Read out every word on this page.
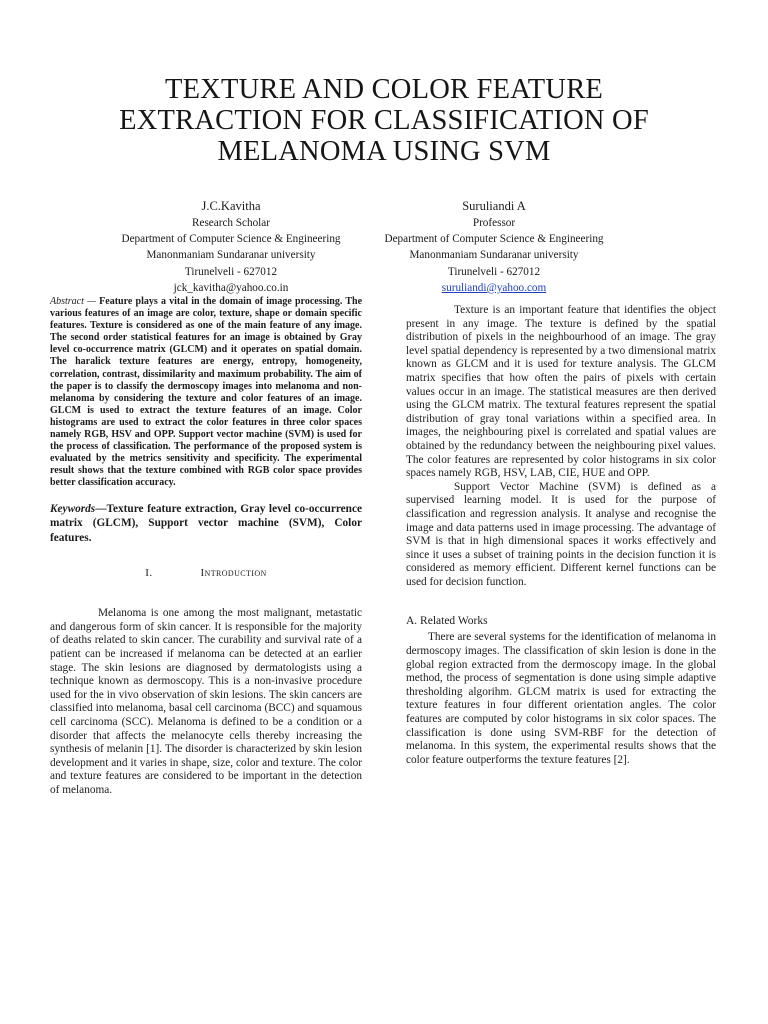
TEXTURE AND COLOR FEATURE
EXTRACTION FOR CLASSIFICATION OF
MELANOMA USING SVM
J.C.Kavitha
Research Scholar
Department of Computer Science & Engineering
Manonmaniam Sundaranar university
Tirunelveli - 627012
jck_kavitha@yahoo.co.in
Suruliandi A
Professor
Department of Computer Science & Engineering
Manonmaniam Sundaranar university
Tirunelveli - 627012
suruliandi@yahoo.com

Abstract — Feature plays a vital in the domain of image processing. The various features of an image are color, texture, shape or domain specific features. Texture is considered as one of the main feature of any image. The second order statistical features for an image is obtained by Gray level co-occurrence matrix (GLCM) and it operates on spatial domain. The haralick texture features are energy, entropy, homogeneity, correlation, contrast, dissimilarity and maximum probability. The aim of the paper is to classify the dermoscopy images into melanoma and non-melanoma by considering the texture and color features of an image. GLCM is used to extract the texture features of an image. Color histograms are used to extract the color features in three color spaces namely RGB, HSV and OPP. Support vector machine (SVM) is used for the process of classification. The performance of the proposed system is evaluated by the metrics sensitivity and specificity. The experimental result shows that the texture combined with RGB color space provides better classification accuracy.

Keywords—Texture feature extraction, Gray level co-occurrence matrix (GLCM), Support vector machine (SVM), Color features.

I.	Introduction

Melanoma is one among the most malignant, metastatic and dangerous form of skin cancer. It is responsible for the majority of deaths related to skin cancer. The curability and survival rate of a patient can be increased if melanoma can be detected at an earlier stage. The skin lesions are diagnosed by dermatologists using a technique known as dermoscopy. This is a non-invasive procedure used for the in vivo observation of skin lesions. The skin cancers are classified into melanoma, basal cell carcinoma (BCC) and squamous cell carcinoma (SCC). Melanoma is defined to be a condition or a disorder that affects the melanocyte cells thereby increasing the synthesis of melanin [1]. The disorder is characterized by skin lesion development and it varies in shape, size, color and texture. The color and texture features are considered to be important in the detection of melanoma.

Texture is an important feature that identifies the object present in any image. The texture is defined by the spatial distribution of pixels in the neighbourhood of an image. The gray level spatial dependency is represented by a two dimensional matrix known as GLCM and it is used for texture analysis. The GLCM matrix specifies that how often the pairs of pixels with certain values occur in an image. The statistical measures are then derived using the GLCM matrix. The textural features represent the spatial distribution of gray tonal variations within a specified area. In images, the neighbouring pixel is correlated and spatial values are obtained by the redundancy between the neighbouring pixel values. The color features are represented by color histograms in six color spaces namely RGB, HSV, LAB, CIE, HUE and OPP.

Support Vector Machine (SVM) is defined as a supervised learning model. It is used for the purpose of classification and regression analysis. It analyse and recognise the image and data patterns used in image processing. The advantage of SVM is that in high dimensional spaces it works effectively and since it uses a subset of training points in the decision function it is considered as memory efficient. Different kernel functions can be used for decision function.

A. Related Works

There are several systems for the identification of melanoma in dermoscopy images. The classification of skin lesion is done in the global region extracted from the dermoscopy image. In the global method, the process of segmentation is done using simple adaptive thresholding algorihm. GLCM matrix is used for extracting the texture features in four different orientation angles. The color features are computed by color histograms in six color spaces. The classification is done using SVM-RBF for the detection of melanoma. In this system, the experimental results shows that the color feature outperforms the texture features [2].
